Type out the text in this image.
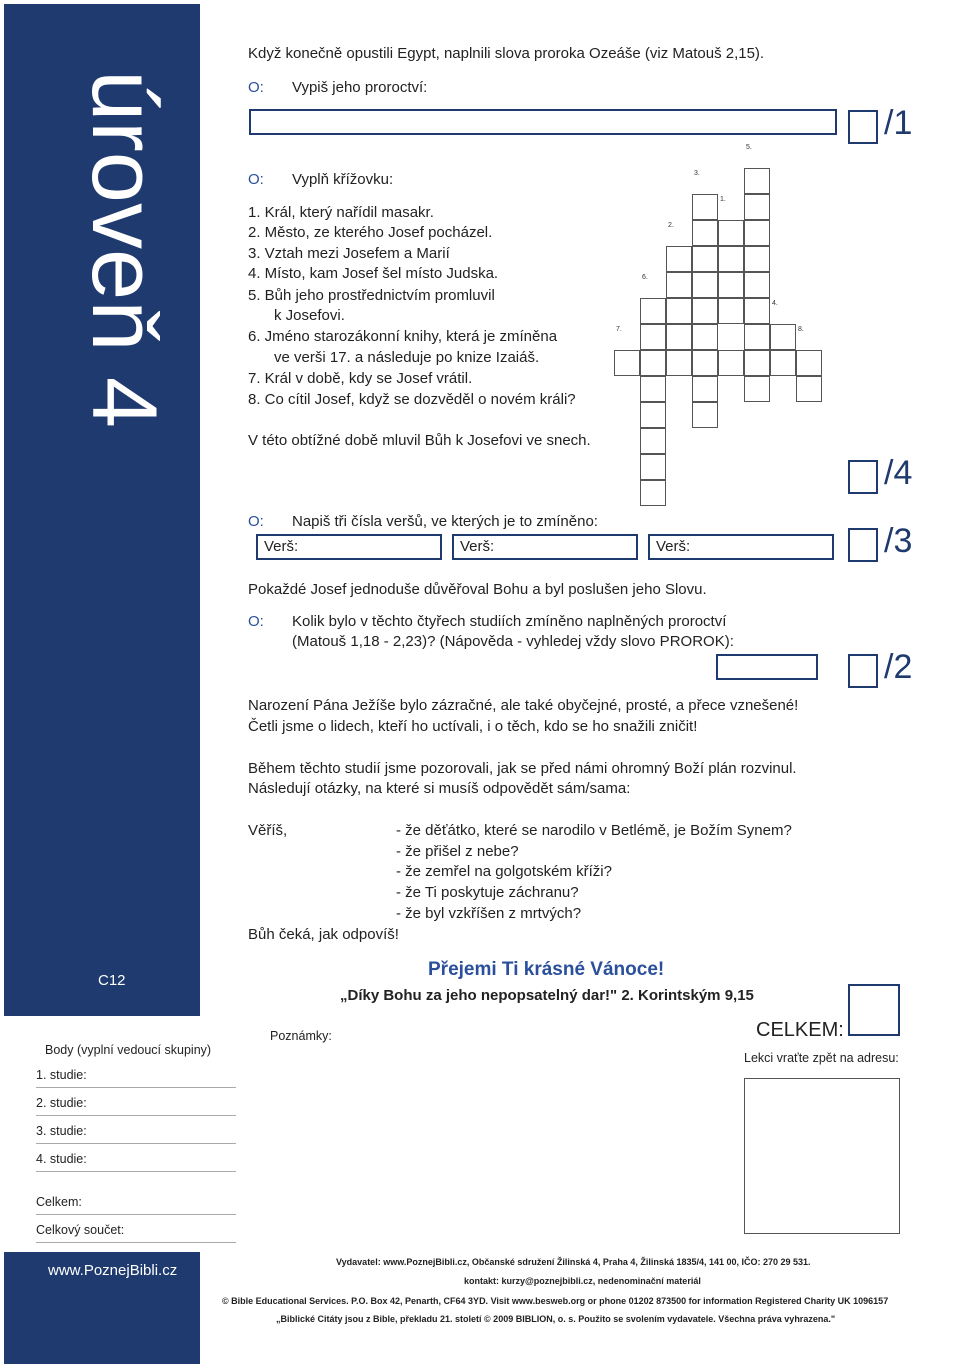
úroveň 4
C12
www.PoznejBibli.cz
Když konečně opustili Egypt, naplnili slova proroka Ozeáše (viz Matouš 2,15).
O: Vypiš jeho proroctví:
/1
O: Vyplň křížovku:
1. Král, který nařídil masakr.
2. Město, ze kterého Josef pocházel.
3. Vztah mezi Josefem a Marií
4. Místo, kam Josef šel místo Judska.
5. Bůh jeho prostřednictvím promluvil
k Josefovi.
6. Jméno starozákonní knihy, která je zmíněna
ve verši 17. a následuje po knize Izaiáš.
7. Král v době, kdy se Josef vrátil.
8. Co cítil Josef, když se dozvěděl o novém králi?
1.
2.
3.
4.
5.
6.
7.	8.
V této obtížné době mluvil Bůh k Josefovi ve snech.
/4
O: Napiš tři čísla veršů, ve kterých je to zmíněno:
Verš:	Verš:	Verš:	/3
Pokaždé Josef jednoduše důvěřoval Bohu a byl poslušen jeho Slovu.
O: Kolik bylo v těchto čtyřech studiích zmíněno naplněných proroctví
(Matouš 1,18 - 2,23)? (Nápověda - vyhledej vždy slovo PROROK):
/2
Narození Pána Ježíše bylo zázračné, ale také obyčejné, prosté, a přece vznešené!
Četli jsme o lidech, kteří ho uctívali, i o těch, kdo se ho snažili zničit!
Během těchto studií jsme pozorovali, jak se před námi ohromný Boží plán rozvinul.
Následují otázky, na které si musíš odpovědět sám/sama:
Věříš,	- že děťátko, které se narodilo v Betlémě, je Božím Synem?
- že přišel z nebe?
- že zemřel na golgotském kříži?
- že Ti poskytuje záchranu?
- že byl vzkříšen z mrtvých?
Bůh čeká, jak odpovíš!
Přejemi Ti krásné Vánoce!
„Díky Bohu za jeho nepopsatelný dar!" 2. Korintským 9,15
Body (vyplní vedoucí skupiny)
1. studie:
2. studie:
3. studie:
4. studie:
Celkem:
Celkový součet:
Poznámky:	CELKEM:
Lekci vraťte zpět na adresu:
Vydavatel: www.PoznejBibli.cz, Občanské sdružení Žilinská 4, Praha 4, Žilinská 1835/4, 141 00, IČO: 270 29 531.
kontakt: kurzy@poznejbibli.cz, nedenominační materiál
© Bible Educational Services. P.O. Box 42, Penarth, CF64 3YD. Visit www.besweb.org or phone 01202 873500 for information Registered Charity UK 1096157
„Biblické Citáty jsou z Bible, překladu 21. století © 2009 BIBLION, o. s. Použito se svolením vydavatele. Všechna práva vyhrazena."
